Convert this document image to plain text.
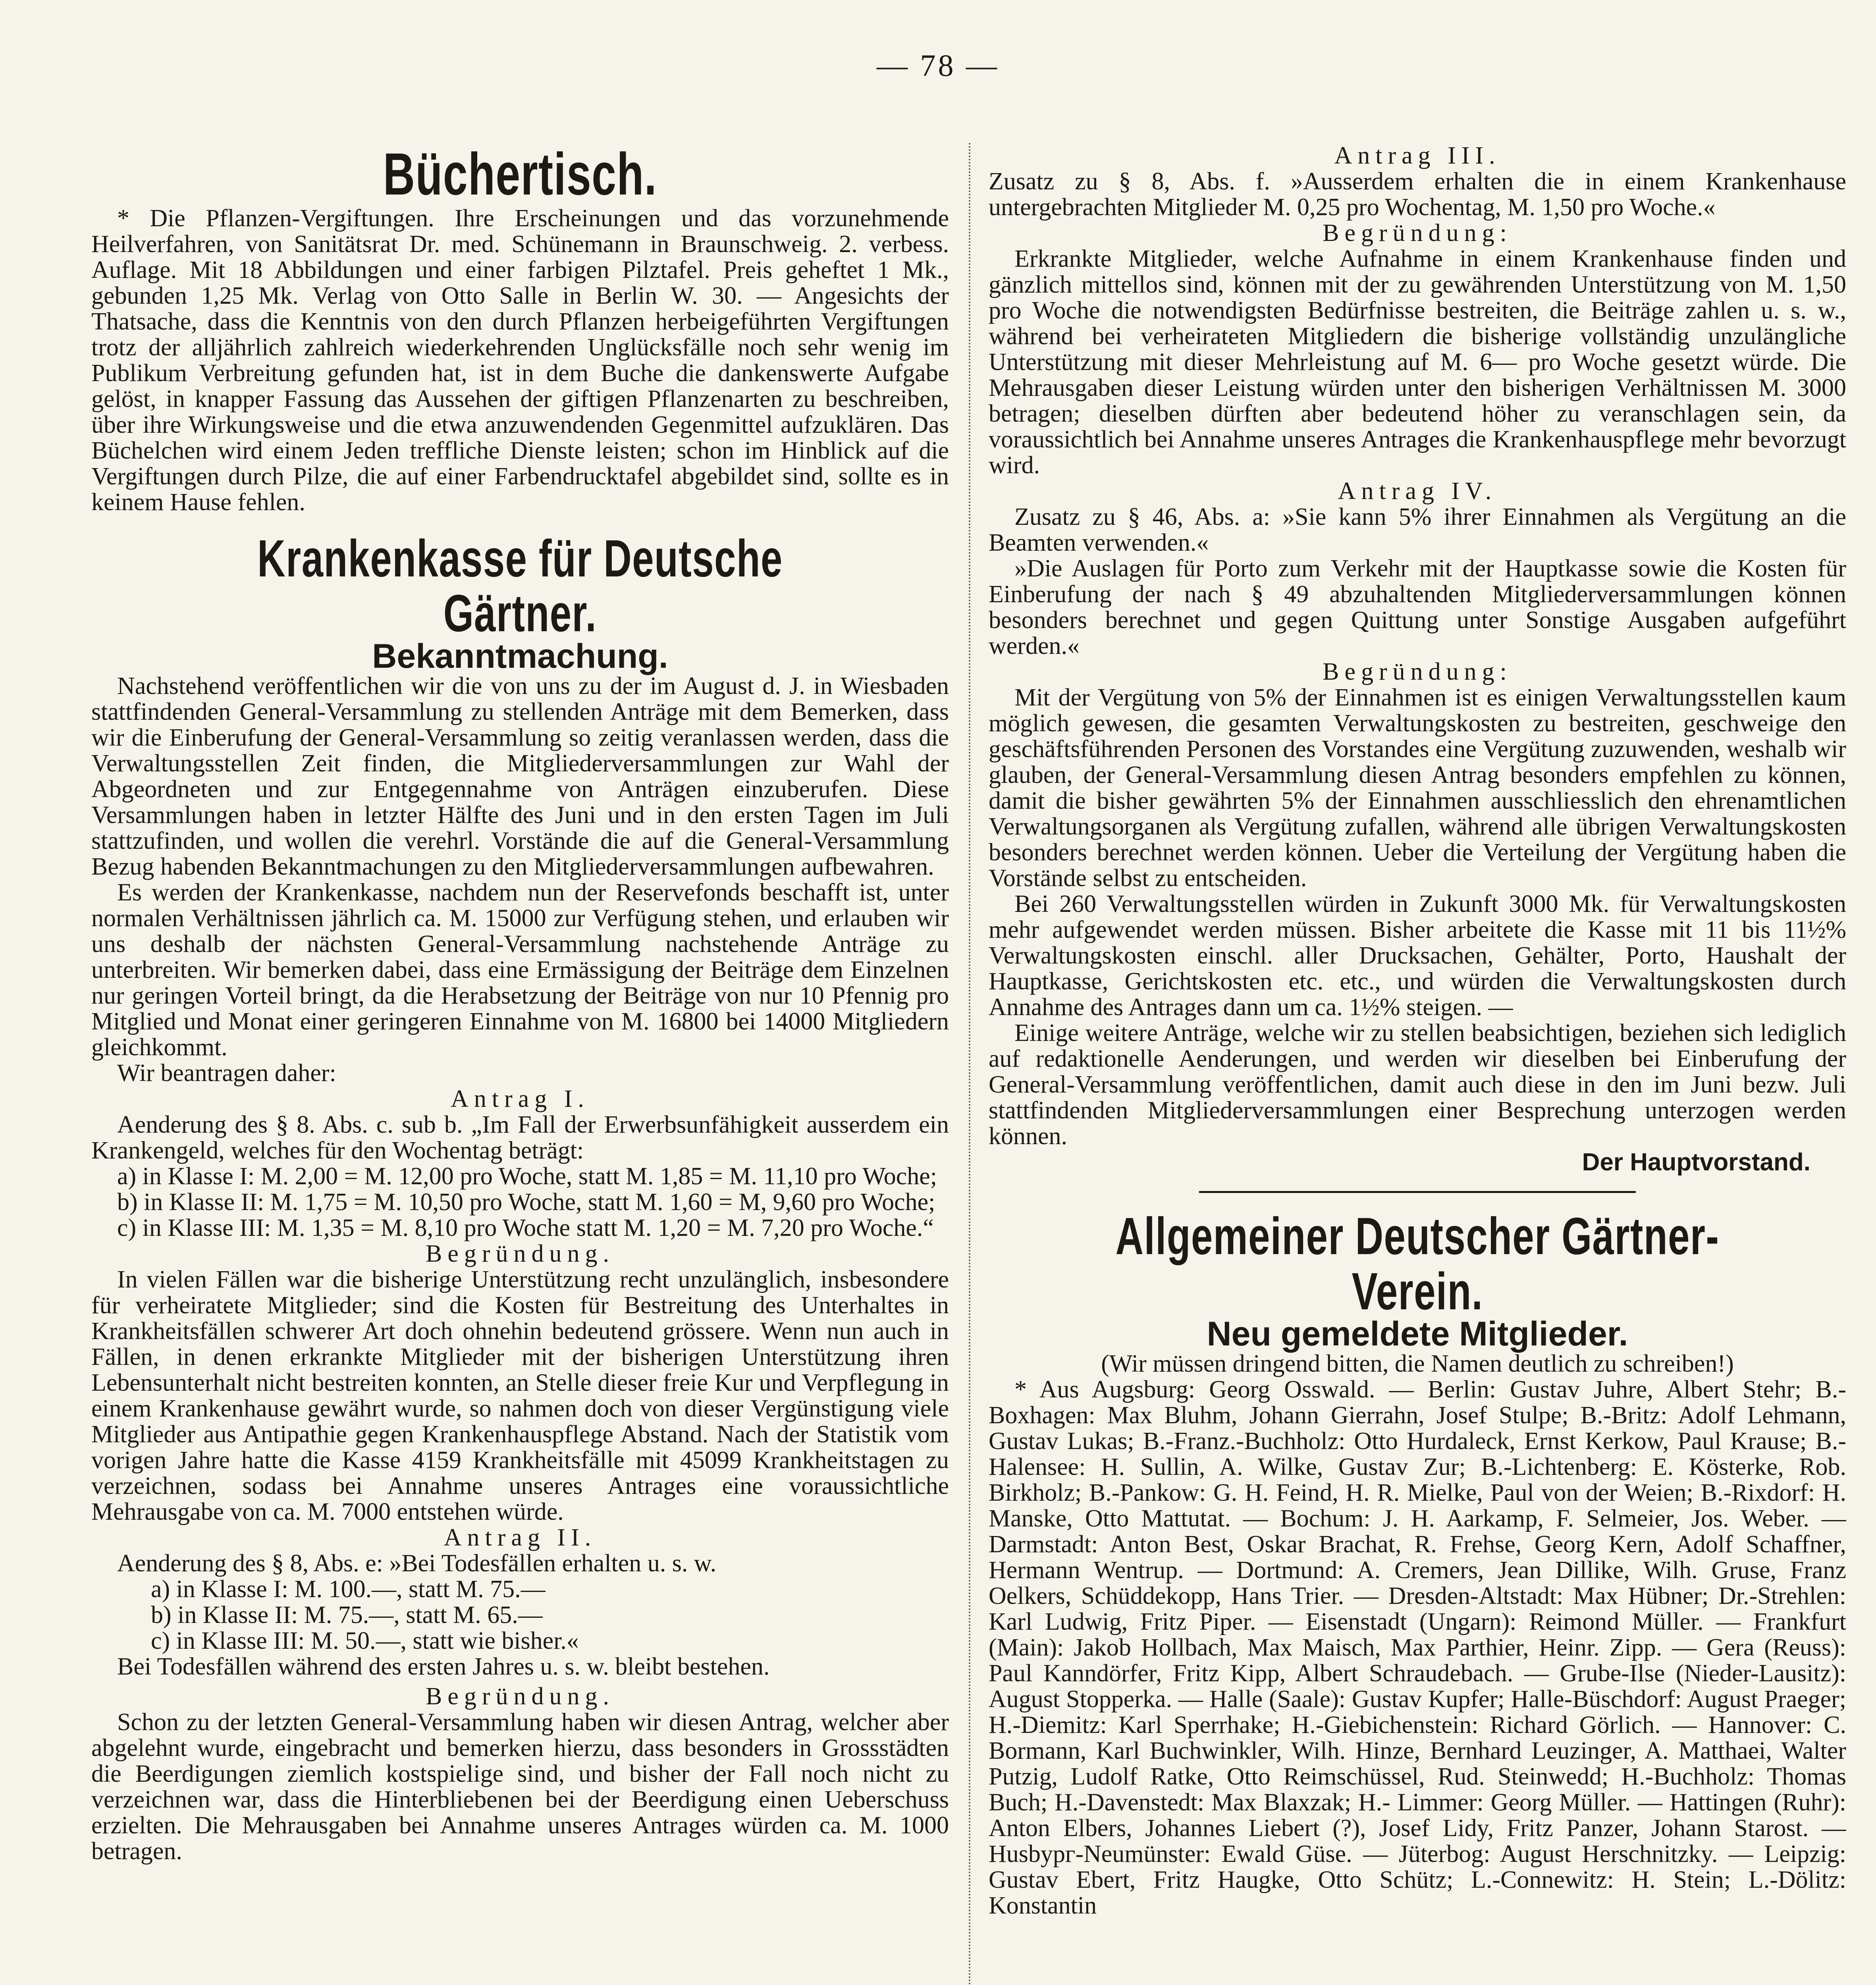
— 78 —
Büchertisch.

* Die Pflanzen-Vergiftungen. Ihre Erscheinungen und das vorzunehmende Heilverfahren, von Sanitätsrat Dr. med. Schünemann in Braunschweig. 2. verbess. Auflage. Mit 18 Abbildungen und einer farbigen Pilztafel. Preis geheftet 1 Mk., gebunden 1,25 Mk. Verlag von Otto Salle in Berlin W. 30. — Angesichts der Thatsache, dass die Kenntnis von den durch Pflanzen herbeigeführten Vergiftungen trotz der alljährlich zahlreich wiederkehrenden Unglücksfälle noch sehr wenig im Publikum Verbreitung gefunden hat, ist in dem Buche die dankenswerte Aufgabe gelöst, in knapper Fassung das Aussehen der giftigen Pflanzenarten zu beschreiben, über ihre Wirkungsweise und die etwa anzuwendenden Gegenmittel aufzuklären. Das Büchelchen wird einem Jeden treffliche Dienste leisten; schon im Hinblick auf die Vergiftungen durch Pilze, die auf einer Farbendrucktafel abgebildet sind, sollte es in keinem Hause fehlen.

Krankenkasse für Deutsche Gärtner.
Bekanntmachung.

Nachstehend veröffentlichen wir die von uns zu der im August d. J. in Wiesbaden stattfindenden General-Versammlung zu stellenden Anträge mit dem Bemerken, dass wir die Einberufung der General-Versammlung so zeitig veranlassen werden, dass die Verwaltungsstellen Zeit finden, die Mitgliederversammlungen zur Wahl der Abgeordneten und zur Entgegennahme von Anträgen einzuberufen. Diese Versammlungen haben in letzter Hälfte des Juni und in den ersten Tagen im Juli stattzufinden, und wollen die verehrl. Vorstände die auf die General-Versammlung Bezug habenden Bekanntmachungen zu den Mitgliederversammlungen aufbewahren.

Es werden der Krankenkasse, nachdem nun der Reservefonds beschafft ist, unter normalen Verhältnissen jährlich ca. M. 15000 zur Verfügung stehen, und erlauben wir uns deshalb der nächsten General-Versammlung nachstehende Anträge zu unterbreiten. Wir bemerken dabei, dass eine Ermässigung der Beiträge dem Einzelnen nur geringen Vorteil bringt, da die Herabsetzung der Beiträge von nur 10 Pfennig pro Mitglied und Monat einer geringeren Einnahme von M. 16800 bei 14000 Mitgliedern gleichkommt.

Wir beantragen daher:

Antrag I.

Aenderung des § 8. Abs. c. sub b. „Im Fall der Erwerbsunfähigkeit ausserdem ein Krankengeld, welches für den Wochentag beträgt:

a) in Klasse I: M. 2,00 = M. 12,00 pro Woche, statt M. 1,85 = M. 11,10 pro Woche;

b) in Klasse II: M. 1,75 = M. 10,50 pro Woche, statt M. 1,60 = M, 9,60 pro Woche;

c) in Klasse III: M. 1,35 = M. 8,10 pro Woche statt M. 1,20 = M. 7,20 pro Woche.“

Begründung.

In vielen Fällen war die bisherige Unterstützung recht unzulänglich, insbesondere für verheiratete Mitglieder; sind die Kosten für Bestreitung des Unterhaltes in Krankheitsfällen schwerer Art doch ohnehin bedeutend grössere. Wenn nun auch in Fällen, in denen erkrankte Mitglieder mit der bisherigen Unterstützung ihren Lebensunterhalt nicht bestreiten konnten, an Stelle dieser freie Kur und Verpflegung in einem Krankenhause gewährt wurde, so nahmen doch von dieser Vergünstigung viele Mitglieder aus Antipathie gegen Krankenhauspflege Abstand. Nach der Statistik vom vorigen Jahre hatte die Kasse 4159 Krankheitsfälle mit 45099 Krankheitstagen zu verzeichnen, sodass bei Annahme unseres Antrages eine voraussichtliche Mehrausgabe von ca. M. 7000 entstehen würde.

Antrag II.

Aenderung des § 8, Abs. e: »Bei Todesfällen erhalten u. s. w.

a) in Klasse I: M. 100.—, statt M. 75.—

b) in Klasse II: M. 75.—, statt M. 65.—

c) in Klasse III: M. 50.—, statt wie bisher.«

Bei Todesfällen während des ersten Jahres u. s. w. bleibt bestehen.

Begründung.

Schon zu der letzten General-Versammlung haben wir diesen Antrag, welcher aber abgelehnt wurde, eingebracht und bemerken hierzu, dass besonders in Grossstädten die Beerdigungen ziemlich kostspielige sind, und bisher der Fall noch nicht zu verzeichnen war, dass die Hinterbliebenen bei der Beerdigung einen Ueberschuss erzielten. Die Mehrausgaben bei Annahme unseres Antrages würden ca. M. 1000 betragen.

Antrag III.

Zusatz zu § 8, Abs. f. »Ausserdem erhalten die in einem Krankenhause untergebrachten Mitglieder M. 0,25 pro Wochentag, M. 1,50 pro Woche.«

Begründung:

Erkrankte Mitglieder, welche Aufnahme in einem Krankenhause finden und gänzlich mittellos sind, können mit der zu gewährenden Unterstützung von M. 1,50 pro Woche die notwendigsten Bedürfnisse bestreiten, die Beiträge zahlen u. s. w., während bei verheirateten Mitgliedern die bisherige vollständig unzulängliche Unterstützung mit dieser Mehrleistung auf M. 6— pro Woche gesetzt würde. Die Mehrausgaben dieser Leistung würden unter den bisherigen Verhältnissen M. 3000 betragen; dieselben dürften aber bedeutend höher zu veranschlagen sein, da voraussichtlich bei Annahme unseres Antrages die Krankenhauspflege mehr bevorzugt wird.

Antrag IV.

Zusatz zu § 46, Abs. a: »Sie kann 5% ihrer Einnahmen als Vergütung an die Beamten verwenden.«

»Die Auslagen für Porto zum Verkehr mit der Hauptkasse sowie die Kosten für Einberufung der nach § 49 abzuhaltenden Mitgliederversammlungen können besonders berechnet und gegen Quittung unter Sonstige Ausgaben aufgeführt werden.«

Begründung:

Mit der Vergütung von 5% der Einnahmen ist es einigen Verwaltungsstellen kaum möglich gewesen, die gesamten Verwaltungskosten zu bestreiten, geschweige den geschäftsführenden Personen des Vorstandes eine Vergütung zuzuwenden, weshalb wir glauben, der General-Versammlung diesen Antrag besonders empfehlen zu können, damit die bisher gewährten 5% der Einnahmen ausschliesslich den ehrenamtlichen Verwaltungsorganen als Vergütung zufallen, während alle übrigen Verwaltungskosten besonders berechnet werden können. Ueber die Verteilung der Vergütung haben die Vorstände selbst zu entscheiden.

Bei 260 Verwaltungsstellen würden in Zukunft 3000 Mk. für Verwaltungskosten mehr aufgewendet werden müssen. Bisher arbeitete die Kasse mit 11 bis 11½% Verwaltungskosten einschl. aller Drucksachen, Gehälter, Porto, Haushalt der Hauptkasse, Gerichtskosten etc. etc., und würden die Verwaltungskosten durch Annahme des Antrages dann um ca. 1½% steigen. —

Einige weitere Anträge, welche wir zu stellen beabsichtigen, beziehen sich lediglich auf redaktionelle Aenderungen, und werden wir dieselben bei Einberufung der General-Versammlung veröffentlichen, damit auch diese in den im Juni bezw. Juli stattfindenden Mitgliederversammlungen einer Besprechung unterzogen werden können.

Der Hauptvorstand.

Allgemeiner Deutscher Gärtner-Verein.
Neu gemeldete Mitglieder.

(Wir müssen dringend bitten, die Namen deutlich zu schreiben!)

* Aus Augsburg: Georg Osswald. — Berlin: Gustav Juhre, Albert Stehr; B.-Boxhagen: Max Bluhm, Johann Gierrahn, Josef Stulpe; B.-Britz: Adolf Lehmann, Gustav Lukas; B.-Franz.-Buchholz: Otto Hurdaleck, Ernst Kerkow, Paul Krause; B.-Halensee: H. Sullin, A. Wilke, Gustav Zur; B.-Lichtenberg: E. Kösterke, Rob. Birkholz; B.-Pankow: G. H. Feind, H. R. Mielke, Paul von der Weien; B.-Rixdorf: H. Manske, Otto Mattutat. — Bochum: J. H. Aarkamp, F. Selmeier, Jos. Weber. — Darmstadt: Anton Best, Oskar Brachat, R. Frehse, Georg Kern, Adolf Schaffner, Hermann Wentrup. — Dortmund: A. Cremers, Jean Dillike, Wilh. Gruse, Franz Oelkers, Schüddekopp, Hans Trier. — Dresden-Altstadt: Max Hübner; Dr.-Strehlen: Karl Ludwig, Fritz Piper. — Eisenstadt (Ungarn): Reimond Müller. — Frankfurt (Main): Jakob Hollbach, Max Maisch, Max Parthier, Heinr. Zipp. — Gera (Reuss): Paul Kanndörfer, Fritz Kipp, Albert Schraudebach. — Grube-Ilse (Nieder-Lausitz): August Stopperka. — Halle (Saale): Gustav Kupfer; Halle-Büschdorf: August Praeger; H.-Diemitz: Karl Sperrhake; H.-Giebichenstein: Richard Görlich. — Hannover: C. Bormann, Karl Buchwinkler, Wilh. Hinze, Bernhard Leuzinger, A. Matthaei, Walter Putzig, Ludolf Ratke, Otto Reimschüssel, Rud. Steinwedd; H.-Buchholz: Thomas Buch; H.-Davenstedt: Max Blaxzak; H.- Limmer: Georg Müller. — Hattingen (Ruhr): Anton Elbers, Johannes Liebert (?), Josef Lidy, Fritz Panzer, Johann Starost. — Husbург-Neumünster: Ewald Güse. — Jüterbog: August Herschnitzky. — Leipzig: Gustav Ebert, Fritz Haugke, Otto Schütz; L.-Connewitz: H. Stein; L.-Dölitz: Konstantin
